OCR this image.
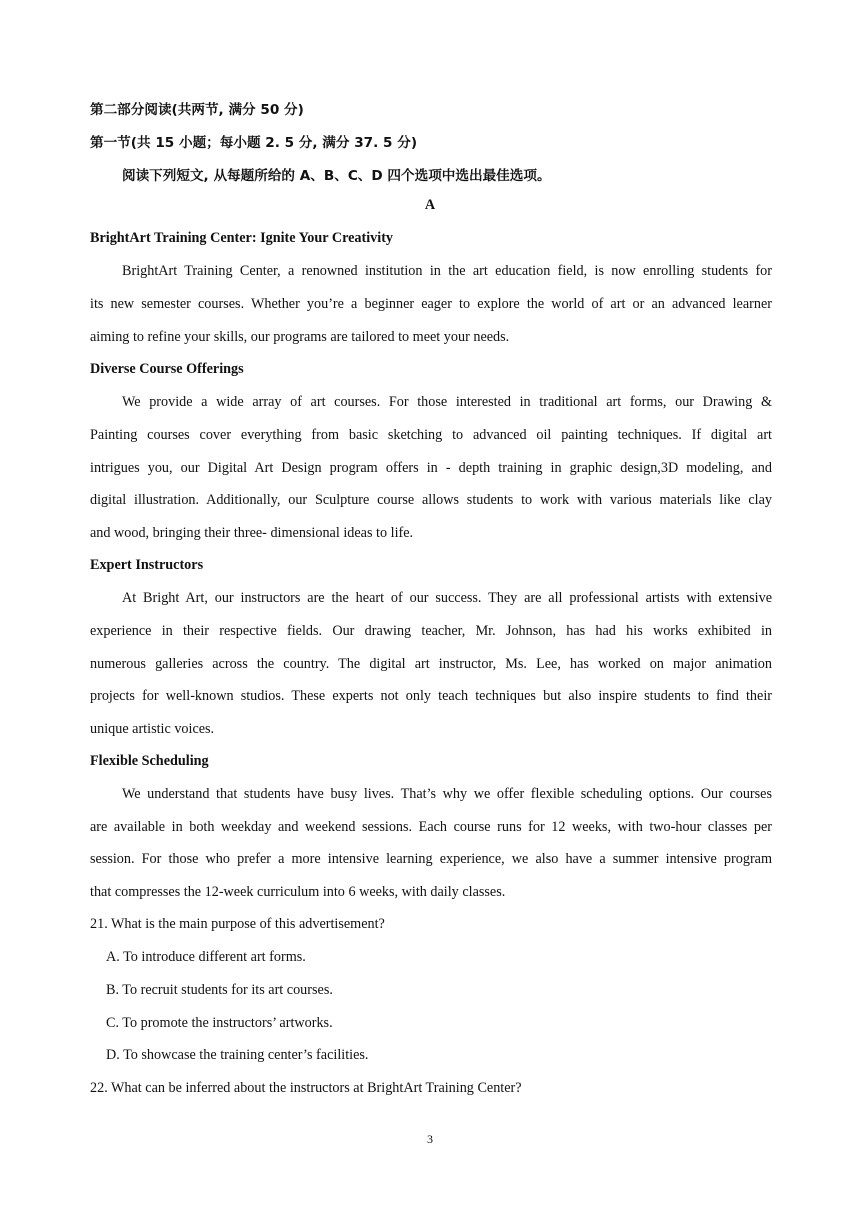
第二部分阅读(共两节, 满分 50 分)
第一节(共 15 小题；每小题 2. 5 分, 满分 37. 5 分)
阅读下列短文, 从每题所给的 A、B、C、D 四个选项中选出最佳选项。
A
BrightArt Training Center: Ignite Your Creativity
BrightArt Training Center, a renowned institution in the art education field, is now enrolling students for
its new semester courses. Whether you’re a beginner eager to explore the world of art or an advanced learner
aiming to refine your skills, our programs are tailored to meet your needs.
Diverse Course Offerings
We provide a wide array of art courses. For those interested in traditional art forms, our Drawing &
Painting courses cover everything from basic sketching to advanced oil painting techniques. If digital art
intrigues you, our Digital Art Design program offers in - depth training in graphic design,3D modeling, and
digital illustration. Additionally, our Sculpture course allows students to work with various materials like clay
and wood, bringing their three- dimensional ideas to life.
Expert Instructors
At Bright Art, our instructors are the heart of our success. They are all professional artists with extensive
experience in their respective fields. Our drawing teacher, Mr. Johnson, has had his works exhibited in
numerous galleries across the country. The digital art instructor, Ms. Lee, has worked on major animation
projects for well-known studios. These experts not only teach techniques but also inspire students to find their
unique artistic voices.
Flexible Scheduling
We understand that students have busy lives. That’s why we offer flexible scheduling options. Our courses
are available in both weekday and weekend sessions. Each course runs for 12 weeks, with two-hour classes per
session. For those who prefer a more intensive learning experience, we also have a summer intensive program
that compresses the 12-week curriculum into 6 weeks, with daily classes.
21. What is the main purpose of this advertisement?
A. To introduce different art forms.
B. To recruit students for its art courses.
C. To promote the instructors’ artworks.
D. To showcase the training center’s facilities.
22. What can be inferred about the instructors at BrightArt Training Center?
3
